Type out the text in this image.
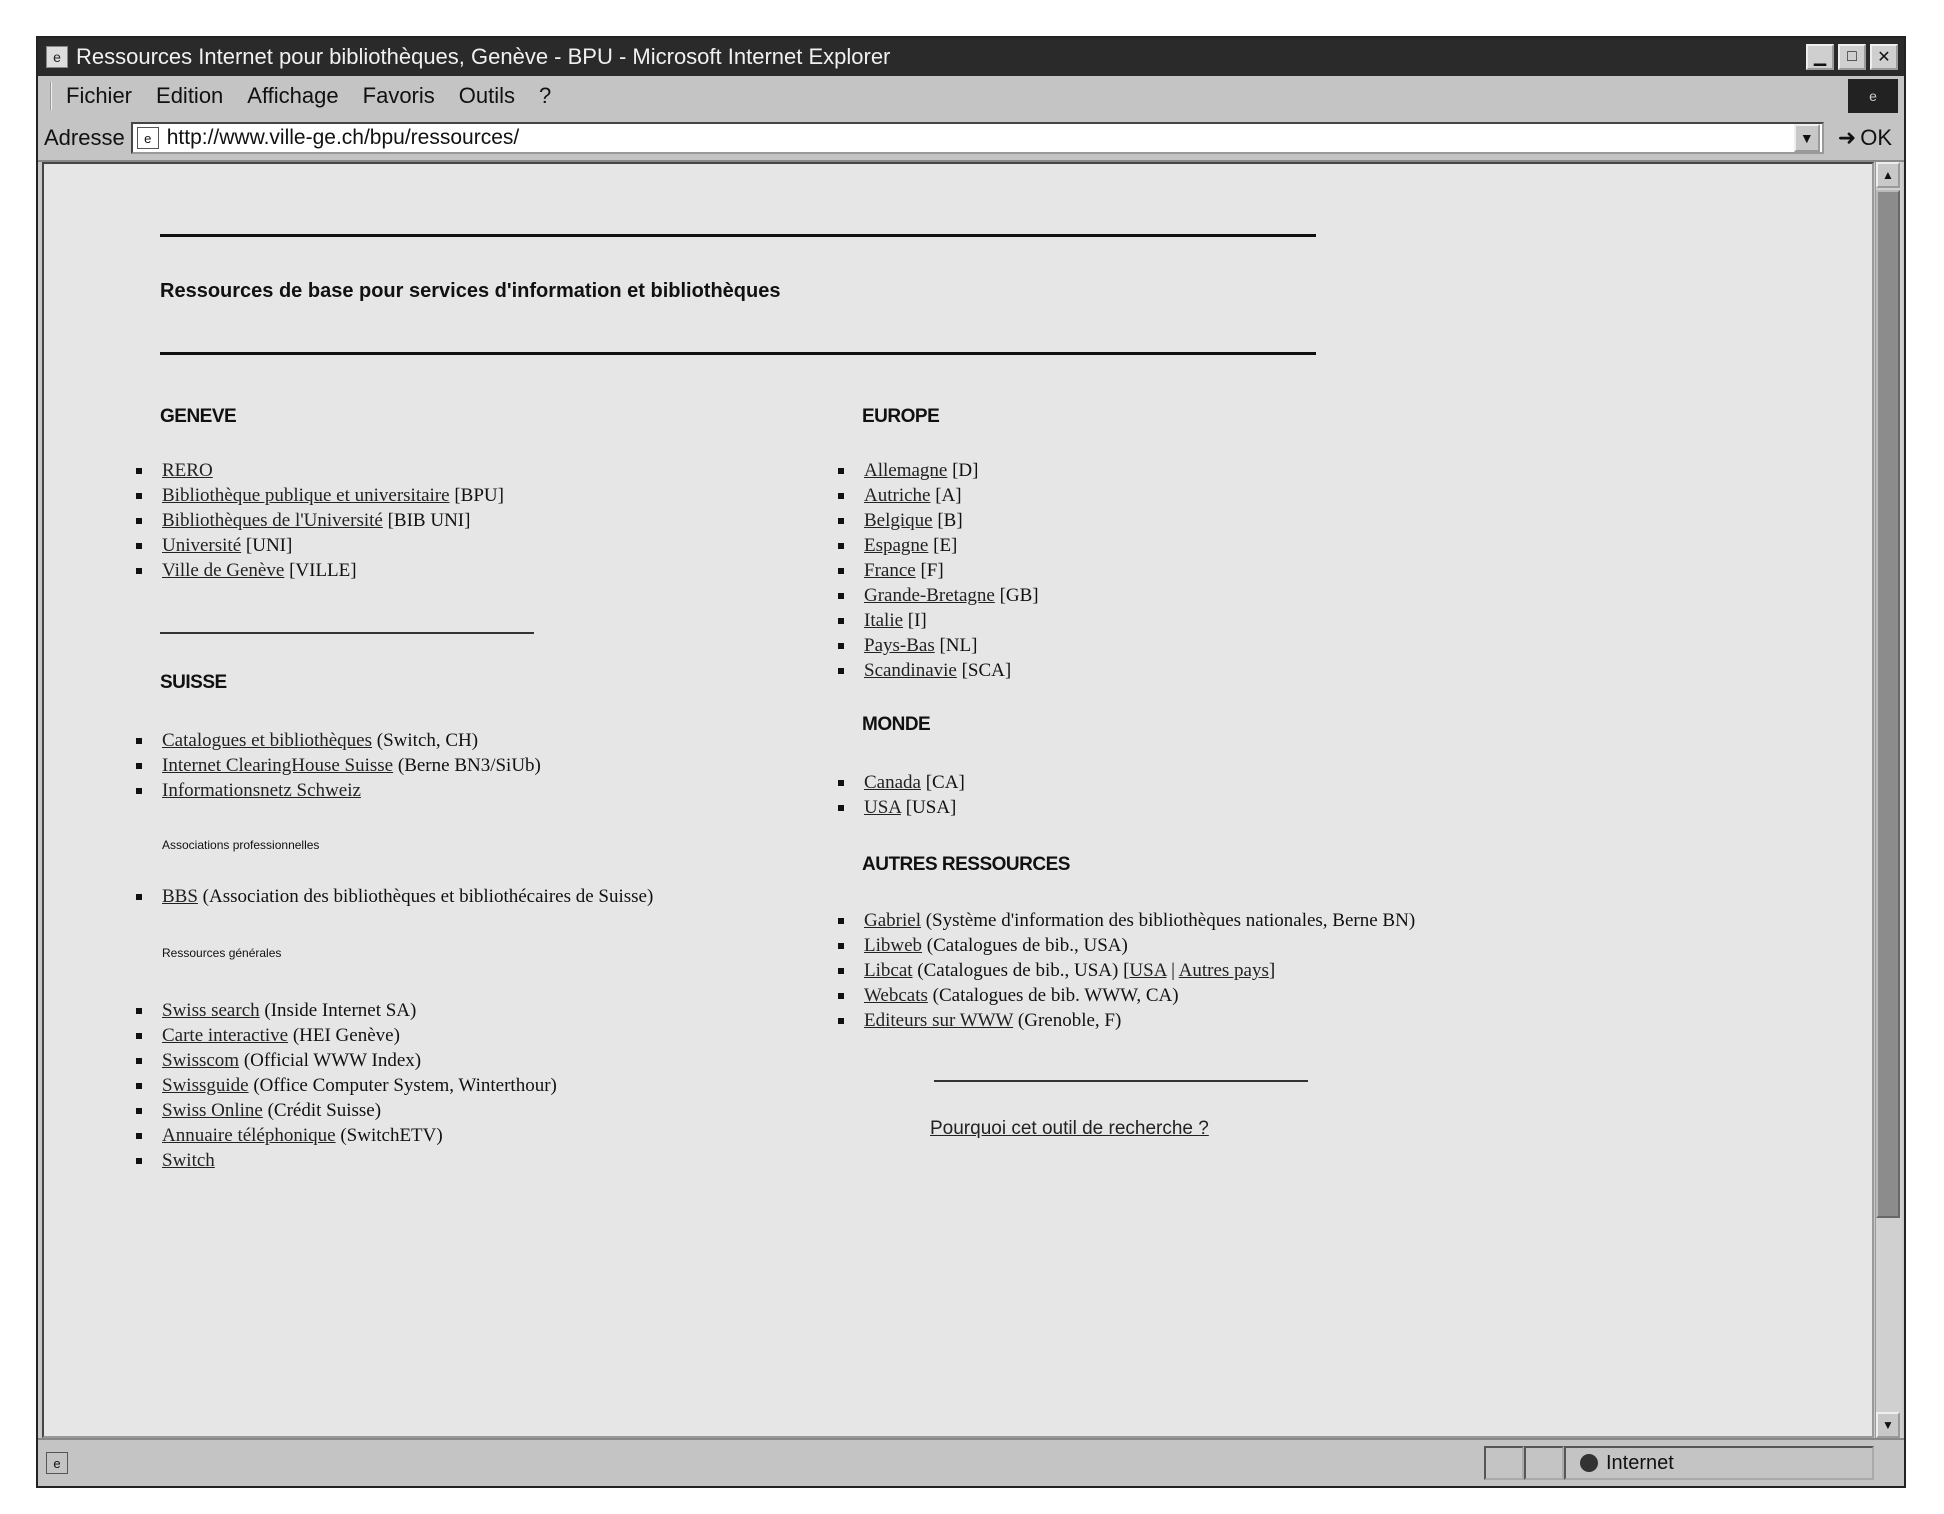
e Ressources Internet pour bibliothèques, Genève - BPU - Microsoft Internet Explorer	▁	□	✕
Fichier Edition Affichage Favoris Outils ?	e
Adresse	e http://www.ville-ge.ch/bpu/ressources/	▼ ➜ OK
Ressources de base pour services d'information et bibliothèques
GENEVE
RERO
Bibliothèque publique et universitaire [BPU]
Bibliothèques de l'Université [BIB UNI]
Université [UNI]
Ville de Genève [VILLE]
SUISSE
Catalogues et bibliothèques (Switch, CH)
Internet ClearingHouse Suisse (Berne BN3/SiUb)
Informationsnetz Schweiz
Associations professionnelles
BBS (Association des bibliothèques et bibliothécaires de Suisse)
Ressources générales
Swiss search (Inside Internet SA)
Carte interactive (HEI Genève)
Swisscom (Official WWW Index)
Swissguide (Office Computer System, Winterthour)
Swiss Online (Crédit Suisse)
Annuaire téléphonique (SwitchETV)
Switch
EUROPE
Allemagne [D]
Autriche [A]
Belgique [B]
Espagne [E]
France [F]
Grande-Bretagne [GB]
Italie [I]
Pays-Bas [NL]
Scandinavie [SCA]
MONDE
Canada [CA]
USA [USA]
AUTRES RESSOURCES
Gabriel (Système d'information des bibliothèques nationales, Berne BN)
Libweb (Catalogues de bib., USA)
Libcat (Catalogues de bib., USA) [USA | Autres pays]
Webcats (Catalogues de bib. WWW, CA)
Editeurs sur WWW (Grenoble, F)
Pourquoi cet outil de recherche ?
▲
▼
e	Internet
